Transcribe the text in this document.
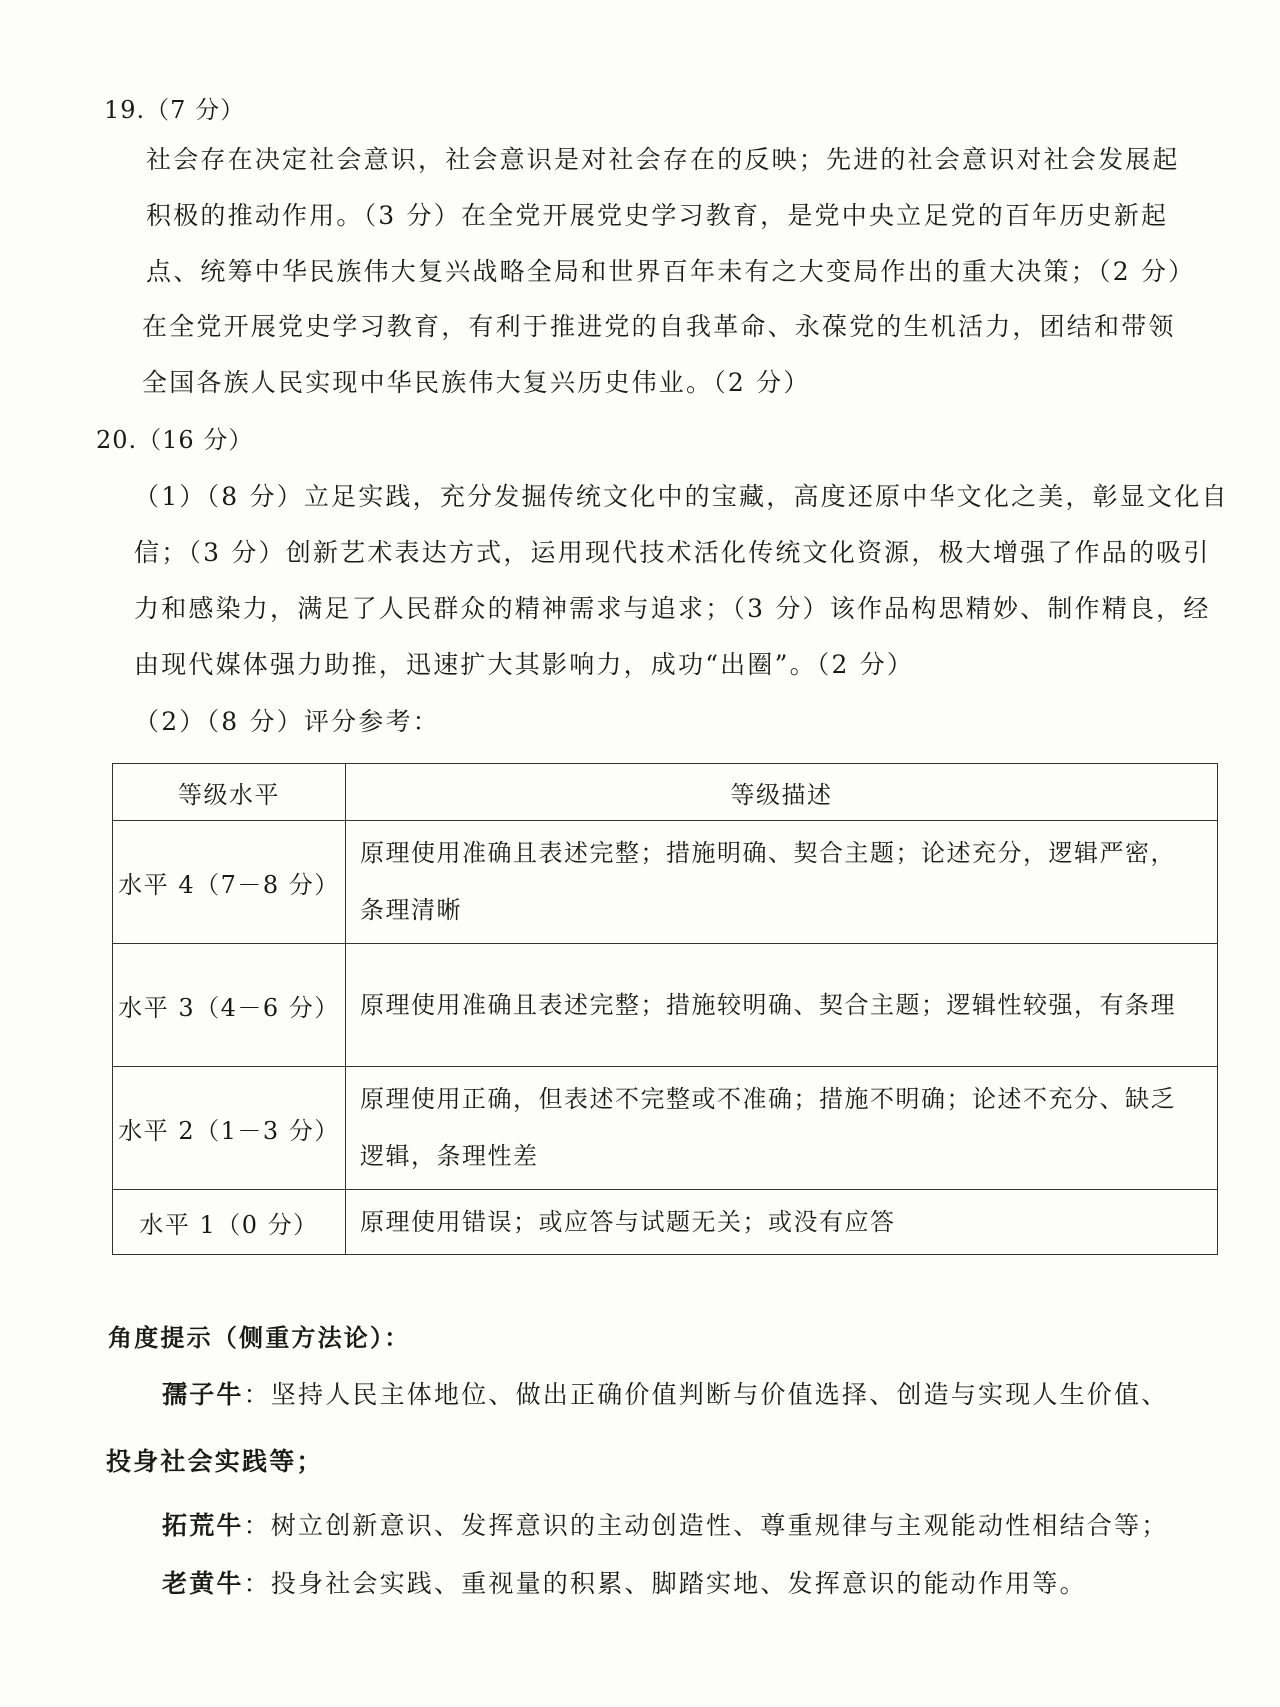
19.（7 分）
社会存在决定社会意识，社会意识是对社会存在的反映；先进的社会意识对社会发展起
积极的推动作用。（3 分）在全党开展党史学习教育，是党中央立足党的百年历史新起
点、统筹中华民族伟大复兴战略全局和世界百年未有之大变局作出的重大决策；（2 分）
在全党开展党史学习教育，有利于推进党的自我革命、永葆党的生机活力，团结和带领
全国各族人民实现中华民族伟大复兴历史伟业。（2 分）
20.（16 分）
（1）（8 分）立足实践，充分发掘传统文化中的宝藏，高度还原中华文化之美，彰显文化自
信；（3 分）创新艺术表达方式，运用现代技术活化传统文化资源，极大增强了作品的吸引
力和感染力，满足了人民群众的精神需求与追求；（3 分）该作品构思精妙、制作精良，经
由现代媒体强力助推，迅速扩大其影响力，成功“出圈”。（2 分）
（2）（8 分）评分参考：
等级水平	等级描述
水平 4（7－8 分）	原理使用准确且表述完整；措施明确、契合主题；论述充分，逻辑严密，条理清晰
水平 3（4－6 分）	原理使用准确且表述完整；措施较明确、契合主题；逻辑性较强，有条理
水平 2（1－3 分）	原理使用正确，但表述不完整或不准确；措施不明确；论述不充分、缺乏逻辑，条理性差
水平 1（0 分）	原理使用错误；或应答与试题无关；或没有应答
角度提示（侧重方法论）：
孺子牛：坚持人民主体地位、做出正确价值判断与价值选择、创造与实现人生价值、
投身社会实践等；
拓荒牛：树立创新意识、发挥意识的主动创造性、尊重规律与主观能动性相结合等；
老黄牛：投身社会实践、重视量的积累、脚踏实地、发挥意识的能动作用等。
